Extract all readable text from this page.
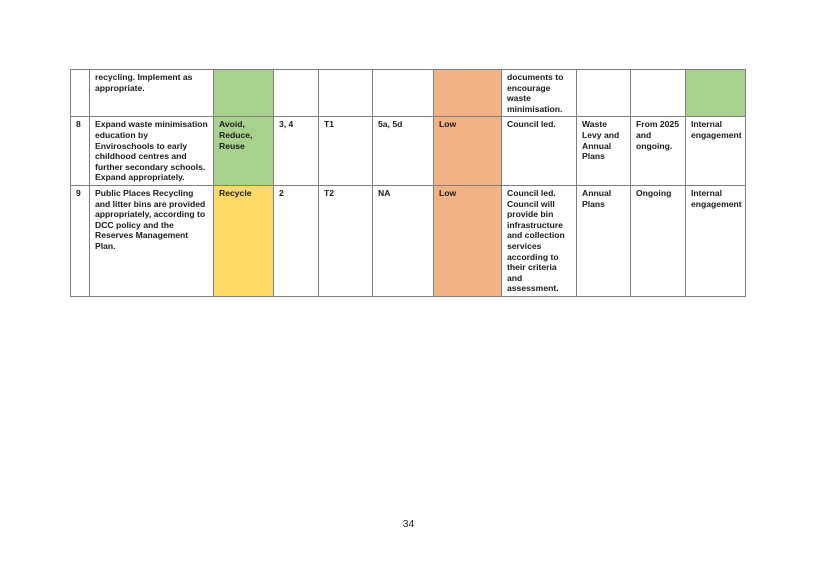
	recycling. Implement as appropriate.						documents to encourage waste minimisation.			

8	Expand waste minimisation education by Enviroschools to early childhood centres and further secondary schools. Expand appropriately.	Avoid, Reduce, Reuse	3, 4	T1	5a, 5d	Low	Council led.	Waste Levy and Annual Plans	From 2025 and ongoing.	Internal engagement

9	Public Places Recycling and litter bins are provided appropriately, according to DCC policy and the Reserves Management Plan.	Recycle	2	T2	NA	Low	Council led. Council will provide bin infrastructure and collection services according to their criteria and assessment.	Annual Plans	Ongoing	Internal engagement
34
